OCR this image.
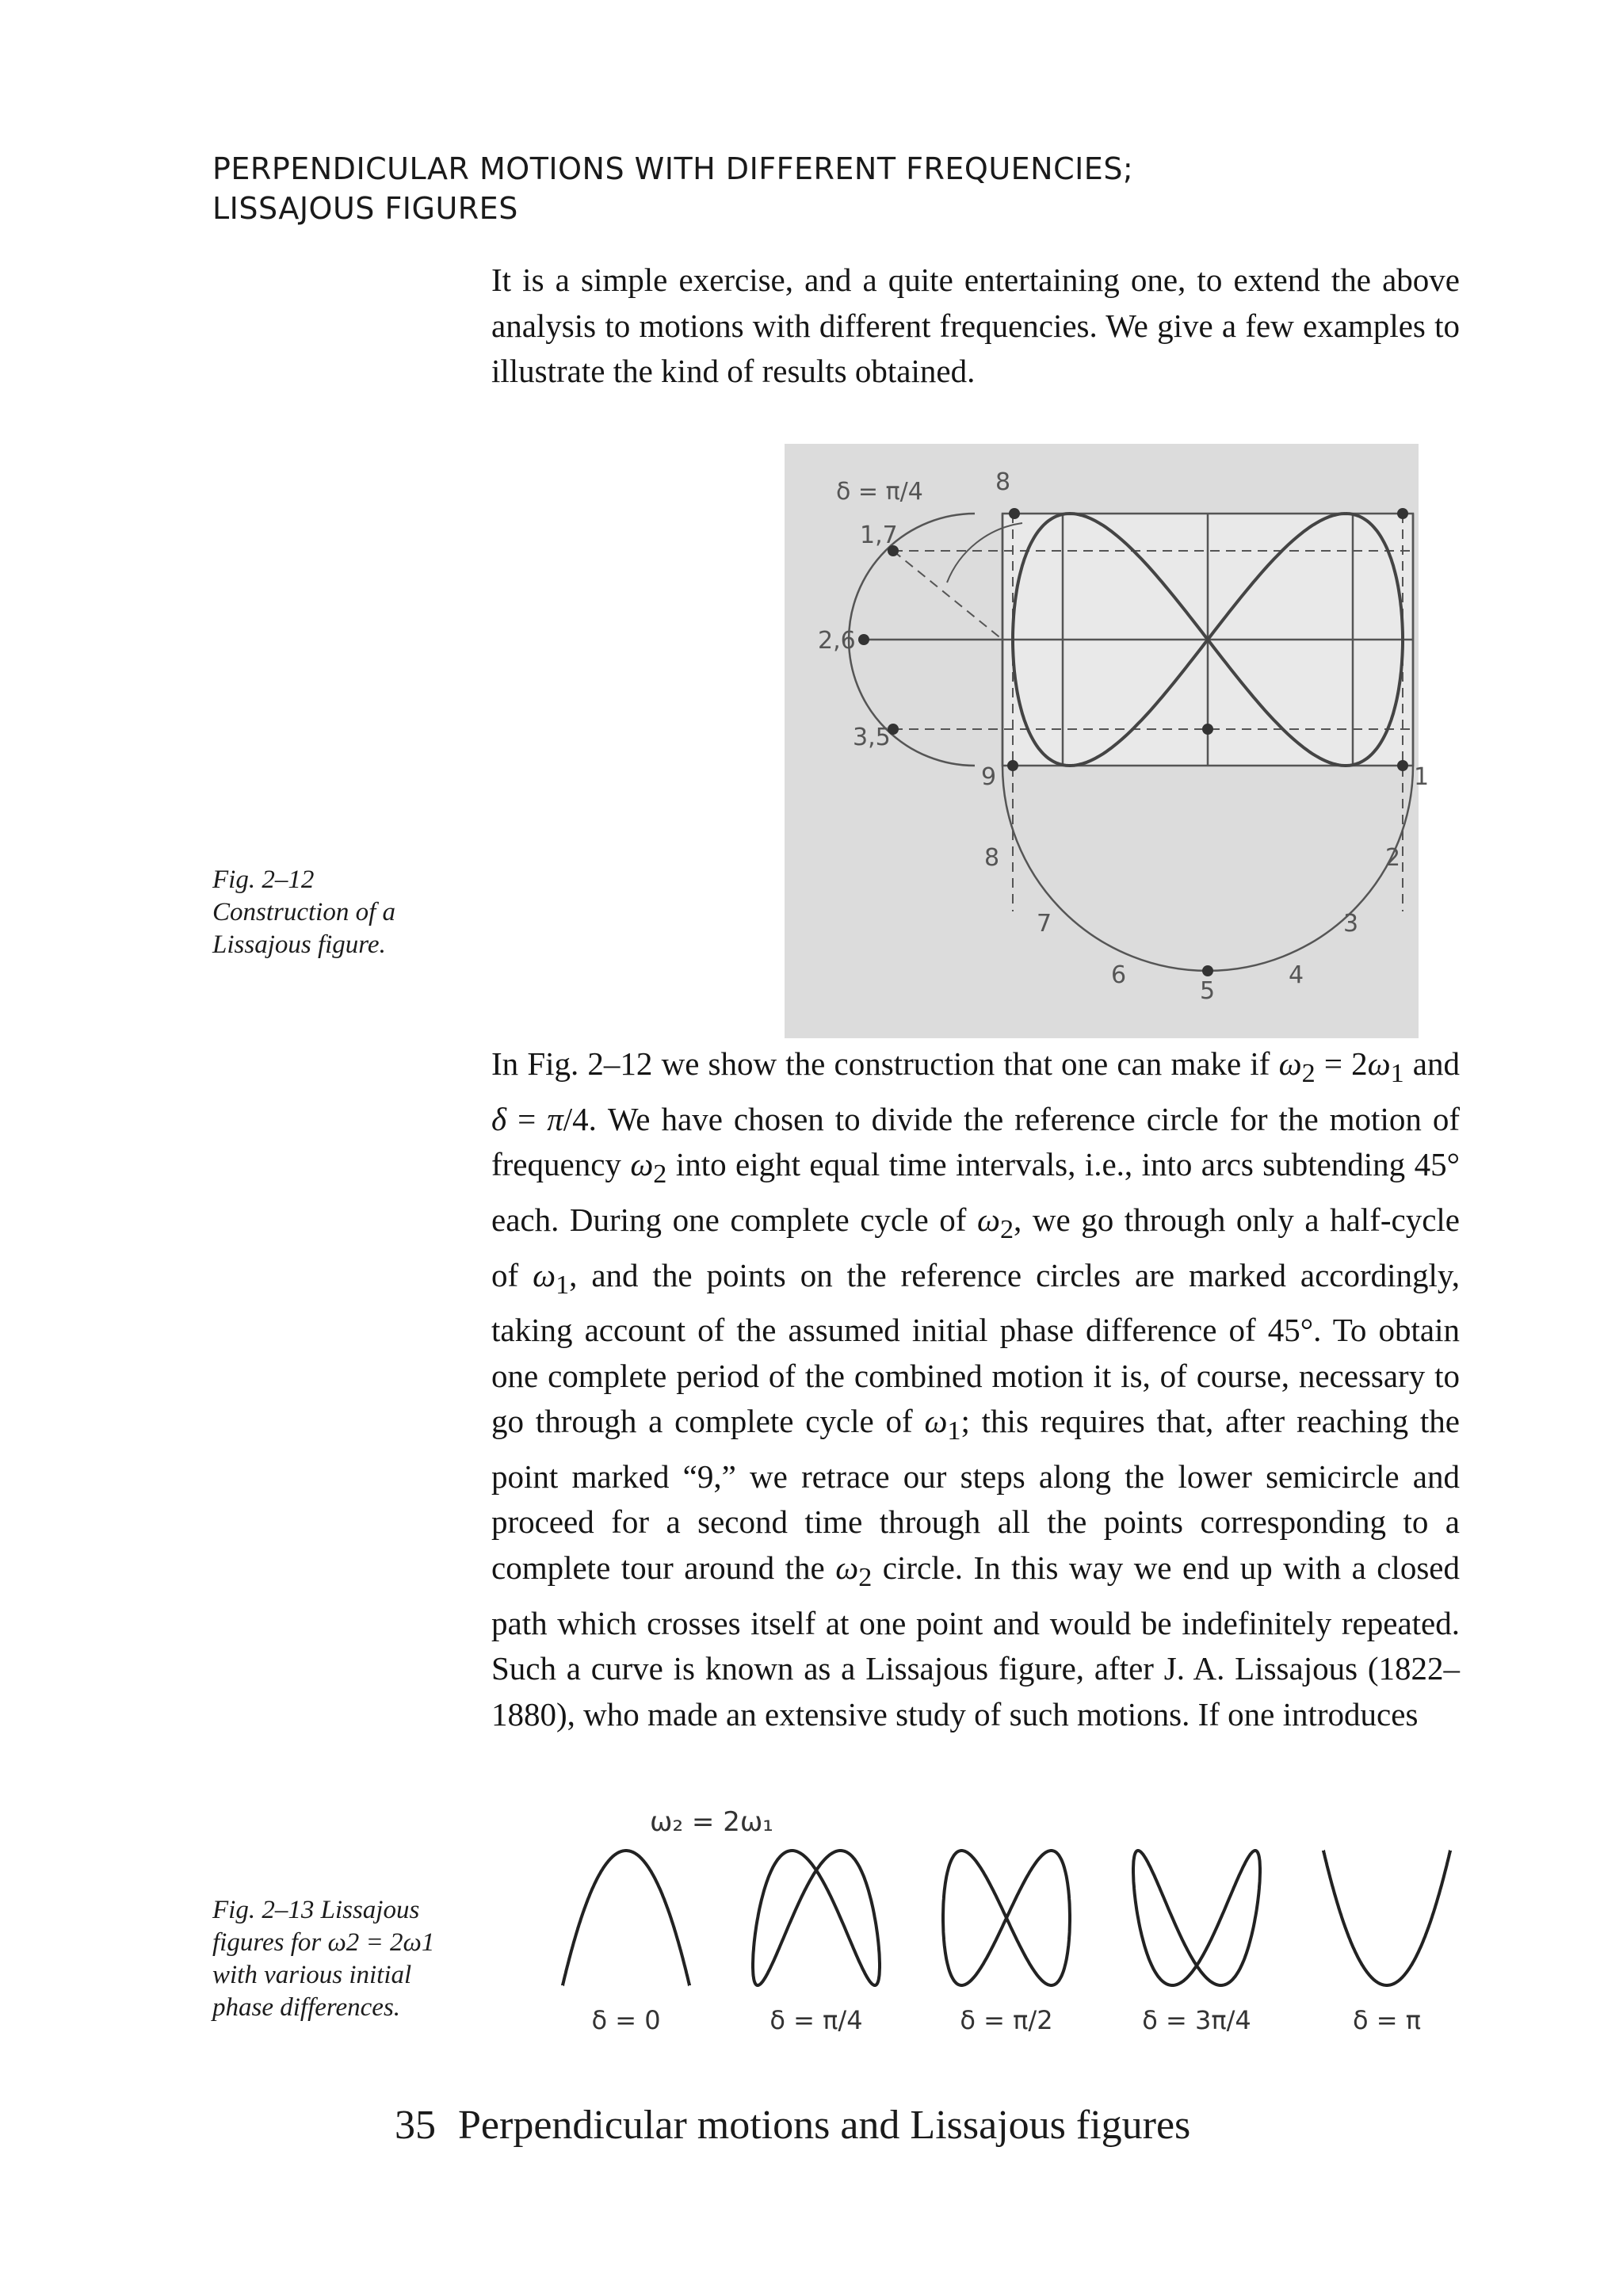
PERPENDICULAR MOTIONS WITH DIFFERENT FREQUENCIES;
LISSAJOUS FIGURES

It is a simple exercise, and a quite entertaining one, to extend the above analysis to motions with different frequencies. We give a few examples to illustrate the kind of results obtained.

δ = π/4	8
1,7
2,6
3,5
9	1
8	2
7	3
6
5
4

Fig. 2–12 Construction of a Lissajous figure.

In Fig. 2–12 we show the construction that one can make if $\omega_2 = 2\omega_1$ and δ = π/4. We have chosen to divide the reference circle for the motion of frequency $\omega_2$ into eight equal time intervals, i.e., into arcs subtending 45° each. During one complete cycle of $\omega_2$, we go through only a half-cycle of $\omega_1$, and the points on the reference circles are marked accordingly, taking account of the assumed initial phase difference of 45°. To obtain one complete period of the combined motion it is, of course, necessary to go through a complete cycle of $\omega_1$; this requires that, after reaching the point marked “9,” we retrace our steps along the lower semicircle and proceed for a second time through all the points corresponding to a complete tour around the $\omega_2$ circle. In this way we end up with a closed path which crosses itself at one point and would be indefinitely repeated. Such a curve is known as a Lissajous figure, after J. A. Lissajous (1822–1880), who made an extensive study of such motions. If one introduces

ω₂ = 2ω₁
δ = 0	δ = π/4	δ = π/2	δ = 3π/4	δ = π

Fig. 2–13 Lissajous figures for ω2 = 2ω1 with various initial phase differences.

35 Perpendicular motions and Lissajous figures
